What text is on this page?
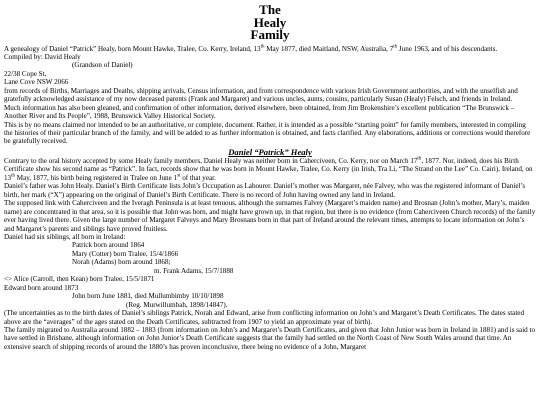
The
Healy
Family

A genealogy of Daniel “Patrick” Healy, born Mount Hawke, Tralee, Co. Kerry, Ireland, 13th May 1877, died Maitland, NSW, Australia, 7th June 1963, and of his descendants.

Compiled by: David Healy

(Grandson of Daniel)

22/38 Cope St,

Lane Cove NSW 2066

from records of Births, Marriages and Deaths, shipping arrivals, Census information, and from correspondence with various Irish Government authorities, and with the unselfish and gratefully acknowledged assistance of my now deceased parents (Frank and Margaret) and various uncles, aunts, cousins, particularly Susan (Healy) Felsch, and friends in Ireland.

Much information has also been gleaned, and confirmation of other information, derived elsewhere, been obtained, from Jim Brokenshire’s excellent publication “The Brunswick – Another River and Its People”, 1988, Brunswick Valley Historical Society.

This is by no means claimed nor intended to be an authoritative, or complete, document. Rather, it is intended as a possible “starting point” for family members, interested in compiling the histories of their particular branch of the family, and will be added to as further information is obtained, and facts clarified. Any elaborations, additions or corrections would therefore be gratefully received.

Daniel “Patrick” Healy

Contrary to the oral history accepted by some Healy family members, Daniel Healy was neither born in Caherciveen, Co. Kerry, nor on March 17th, 1877. Nor, indeed, does his Birth Certificate show his second name as “Patrick”. In fact, records show that he was born in Mount Hawke, Tralee, Co. Kerry (in Irish, Tra Li, “The Strand on the Lee” Co. Cairi), Ireland, on 13th May, 1877, his birth being registered in Tralee on June 1st of that year.

Daniel’s father was John Healy. Daniel’s Birth Certificate lists John’s Occupation as Labourer. Daniel’s mother was Margaret, née Falvey, who was the registered informant of Daniel’s birth, her mark (“X”) appearing on the original of Daniel’s Birth Certificate. There is no record of John having owned any land in Ireland.

The supposed link with Caherciveen and the Iveragh Peninsula is at least tenuous, although the surnames Falvey (Margaret’s maiden name) and Brosnan (John’s mother, Mary’s, maiden name) are concentrated in that area, so it is possible that John was born, and might have grown up, in that region, but there is no evidence (from Caherciveen Church records) of the family ever having lived there. Given the large number of Margaret Falveys and Mary Brosnans born in that part of Ireland around the relevant times, attempts to locate information on John’s and Margaret’s parents and siblings have proved fruitless.

Daniel had six siblings, all born in Ireland:

Patrick born around 1864

Mary (Cotter) born Tralee, 15/4/1866

Norah (Adams) born around 1868;

m. Frank Adams, 15/7/1888

<> Alice (Carroll, then Kean) born Tralee, 15/5/1871

Edward born around 1873

John born June 1881, died Mullumbimby 10/10/1898

(Reg. Murwillumbah, 1898/14847).

(The uncertainties as to the birth dates of Daniel’s siblings Patrick, Norah and Edward, arise from conflicting information on John’s and Margaret’s Death Certificates. The dates stated above are the “averages” of the ages stated on the Death Certificates, subtracted from 1907 to yield an approximate year of birth).

The family migrated to Australia around 1882 – 1883 (from information on John’s and Margaret’s Death Certificates, and given that John Junior was born in Ireland in 1881) and is said to have settled in Brisbane, although information on John Junior’s Death Certificate suggests that the family had settled on the North Coast of New South Wales around that time. An extensive search of shipping records of around the 1880’s has proven inconclusive, there being no evidence of a John, Margaret
